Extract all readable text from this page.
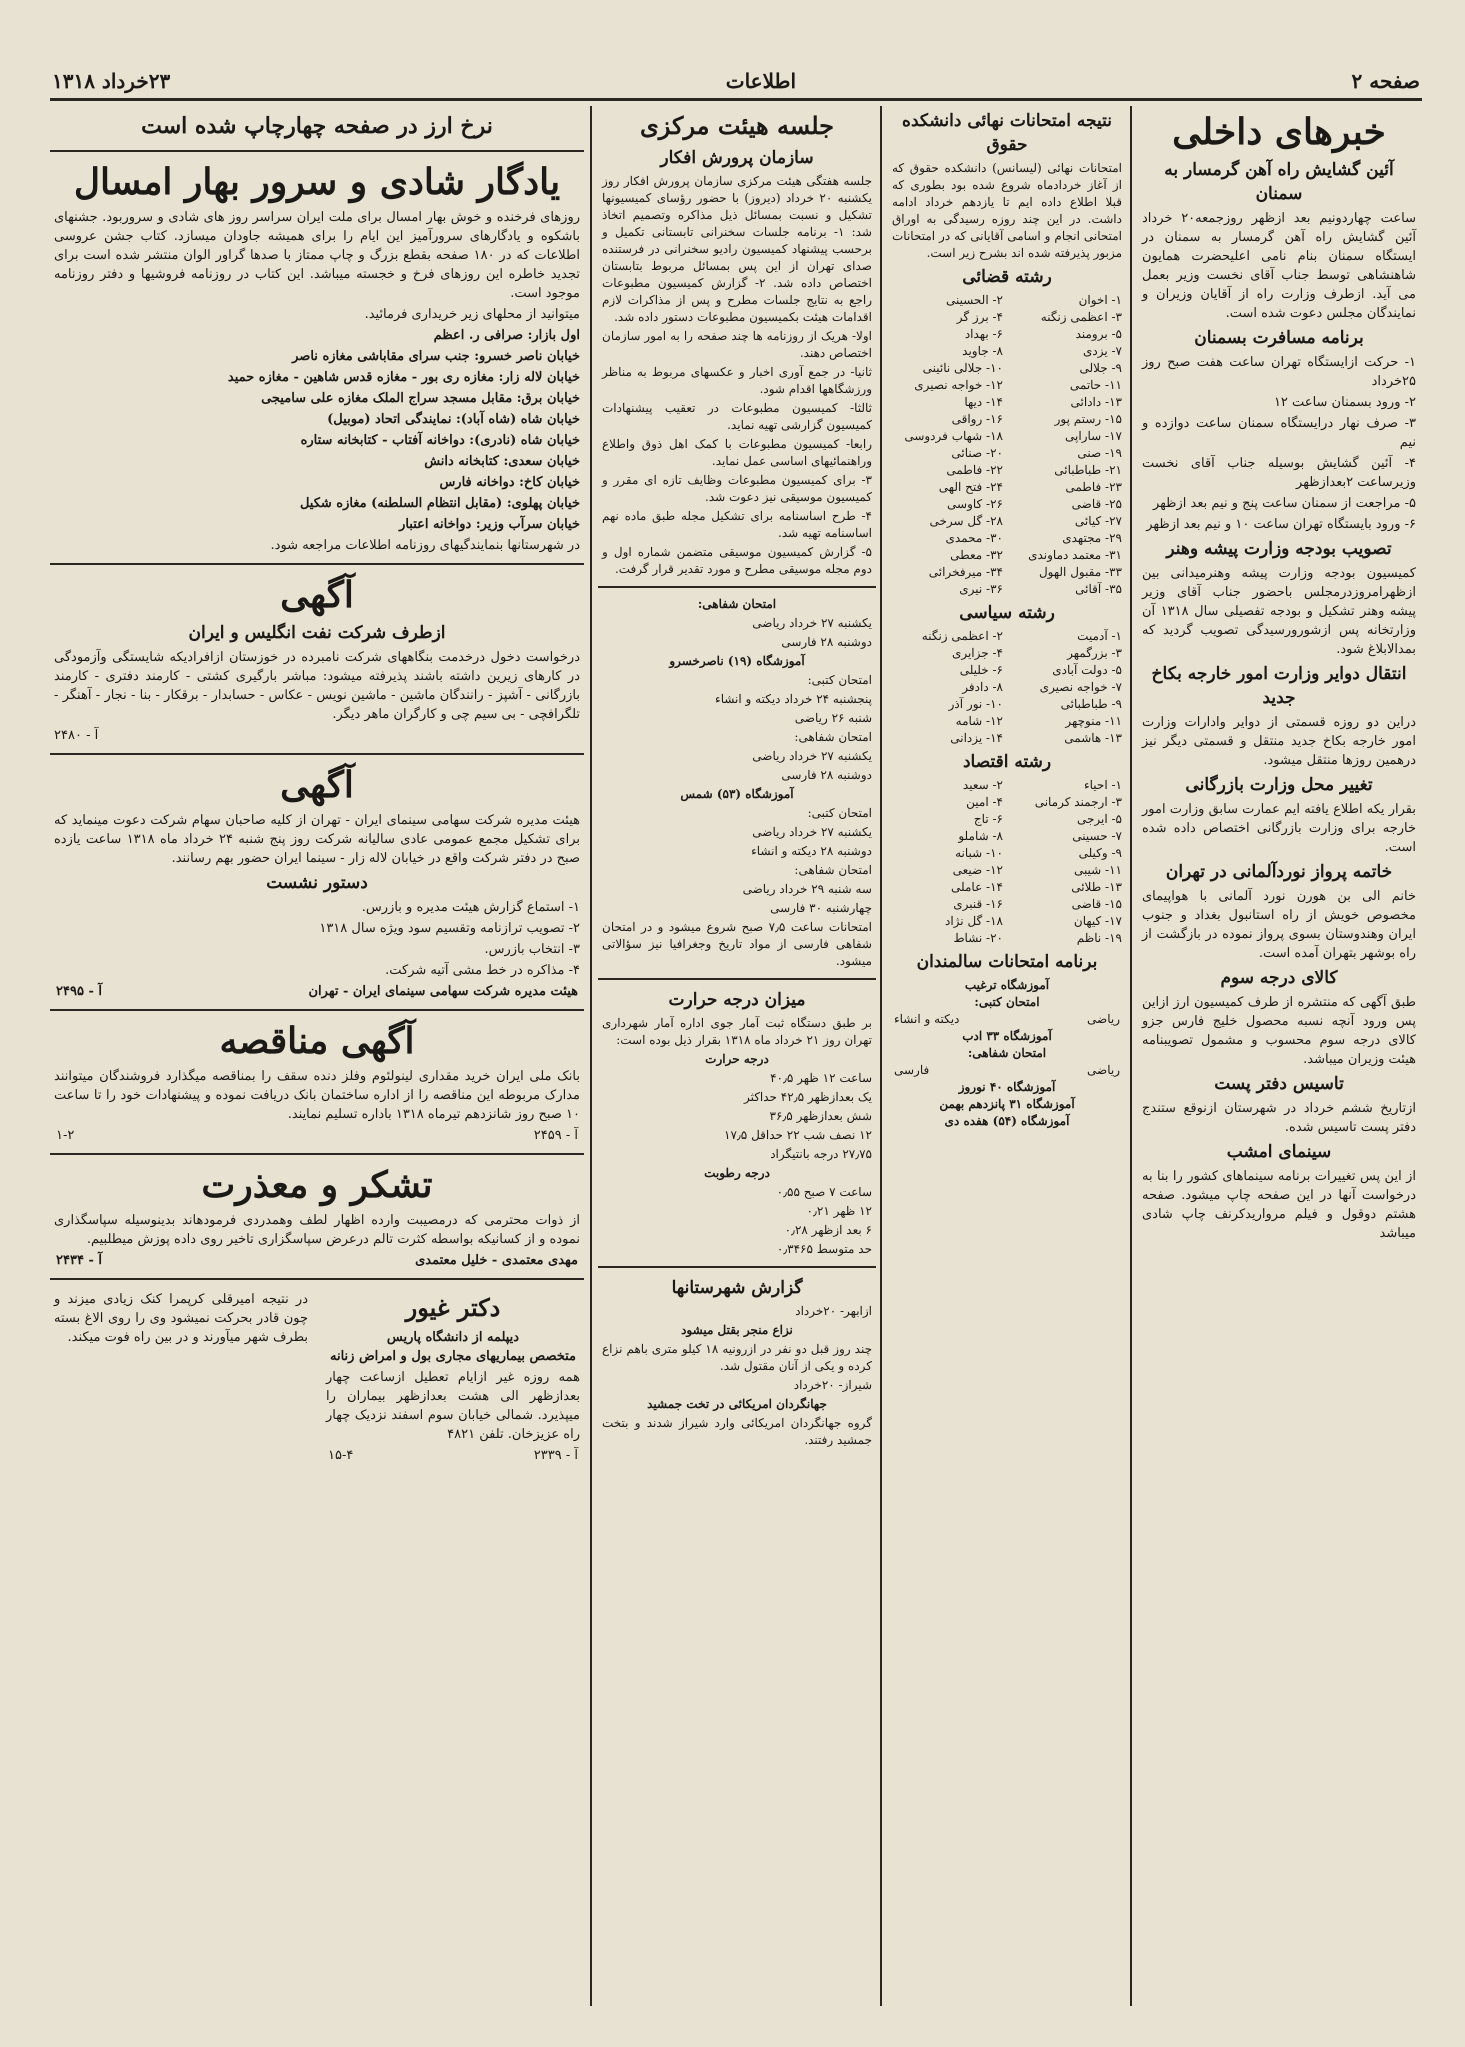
صفحه ۲
اطلاعات
۲۳خرداد ۱۳۱۸
خبرهای داخلی
آئین گشایش راه آهن گرمسار به سمنان
ساعت چهاردونیم بعد ازظهر روزجمعه۲۰ خرداد آئین گشایش راه آهن گرمسار به سمنان در ایستگاه سمنان بنام نامی اعلیحضرت همایون شاهنشاهی توسط جناب آقای نخست وزیر بعمل می آید. ازطرف وزارت راه از آقایان وزیران و نمایندگان مجلس دعوت شده است.
برنامه مسافرت بسمنان
۱- حرکت ازایستگاه تهران ساعت هفت صبح روز ۲۵خرداد
۲- ورود بسمنان ساعت ۱۲
۳- صرف نهار درایستگاه سمنان ساعت دوازده و نیم
۴- آئین گشایش بوسیله جناب آقای نخست وزیرساعت ۲بعدازظهر
۵- مراجعت از سمنان ساعت پنج و نیم بعد ازظهر
۶- ورود بایستگاه تهران ساعت ۱۰ و نیم بعد ازظهر
تصویب بودجه وزارت پیشه وهنر
کمیسیون بودجه وزارت پیشه وهنرمیدانی بین ازظهرامروزدرمجلس باحضور جناب آقای وزیر پیشه وهنر تشکیل و بودجه تفصیلی سال ۱۳۱۸ آن وزارتخانه پس ازشورورسیدگی تصویب گردید که بمدالابلاغ شود.
انتقال دوایر وزارت امور خارجه بکاخ جدید
دراین دو روزه قسمتی از دوایر وادارات وزارت امور خارجه بکاخ جدید منتقل و قسمتی دیگر نیز درهمین روزها منتقل میشود.
تغییر محل وزارت بازرگانی
بقرار یکه اطلاع یافته ایم عمارت سابق وزارت امور خارجه برای وزارت بازرگانی اختصاص داده شده است.
خاتمه پرواز نوردآلمانی در تهران
خانم الی بن هورن نورد آلمانی با هواپیمای مخصوص خویش از راه استانبول بغداد و جنوب ایران وهندوستان بسوی پرواز نموده در بازگشت از راه بوشهر بتهران آمده است.
کالای درجه سوم
طبق آگهی که منتشره از طرف کمیسیون ارز ازاین پس ورود آنچه نسبه محصول خلیج فارس جزو کالای درجه سوم محسوب و مشمول تصویبنامه هیئت وزیران میباشد.
تاسیس دفتر پست
ازتاریخ ششم خرداد در شهرستان ازنوقع ستندج دفتر پست تاسیس شده.
سینمای امشب
از این پس تغییرات برنامه سینماهای کشور را بنا به درخواست آنها در این صفحه چاپ میشود. صفحه هشتم دوقول و فیلم مرواریدکرنف چاپ شادی میباشد
نتیجه امتحانات نهائی دانشکده حقوق
امتحانات نهائی (لیسانس) دانشکده حقوق که از آغاز خردادماه شروع شده بود بطوری که قبلا اطلاع داده ایم تا یازدهم خرداد ادامه داشت. در این چند روزه رسیدگی به اوراق امتحانی انجام و اسامی آقایانی که در امتحانات مزبور پذیرفته شده اند بشرح زیر است.
رشته قضائی
۱- اخوان
۲- الحسینی
۳- اعظمی زنگنه
۴- برز گر
۵- برومند
۶- بهداد
۷- یزدی
۸- جاوید
۹- جلالی
۱۰- جلالی نائینی
۱۱- حاتمی
۱۲- خواجه نصیری
۱۳- دادائی
۱۴- دیها
۱۵- رستم پور
۱۶- رواقی
۱۷- ساراپی
۱۸- شهاب فردوسی
۱۹- صنی
۲۰- صنائی
۲۱- طباطبائی
۲۲- فاطمی
۲۳- فاطمی
۲۴- فتح الهی
۲۵- قاضی
۲۶- کاوسی
۲۷- کیائی
۲۸- گل سرخی
۲۹- مجتهدی
۳۰- محمدی
۳۱- معتمد دماوندی
۳۲- معطی
۳۳- مقبول الهول
۳۴- میرفخرائی
۳۵- آقائی
۳۶- نیری
رشته سیاسی
۱- آدمیت
۲- اعظمی زنگنه
۳- بزرگمهر
۴- جزایری
۵- دولت آبادی
۶- خلیلی
۷- خواجه نصیری
۸- دادفر
۹- طباطبائی
۱۰- نور آذر
۱۱- منوچهر
۱۲- شامه
۱۳- هاشمی
۱۴- یزدانی
رشته اقتصاد
۱- احیاء
۲- سعید
۳- ارجمند کرمانی
۴- امین
۵- ایرجی
۶- تاج
۷- حسینی
۸- شاملو
۹- وکیلی
۱۰- شبانه
۱۱- شیبی
۱۲- ضیعی
۱۳- طلائی
۱۴- عاملی
۱۵- قاضی
۱۶- قنبری
۱۷- کیهان
۱۸- گل نژاد
۱۹- ناظم
۲۰- نشاط
برنامه امتحانات سالمندان
آموزشگاه ترغیب
امتحان کتبی:
ریاضی
دیکته و انشاء
آموزشگاه ۳۳ ادب
امتحان شفاهی:
ریاضی
فارسی
آموزشگاه ۴۰ نوروز
آموزشگاه ۳۱ پانزدهم بهمن
آموزشگاه (۵۴) هفده دی
جلسه هیئت مرکزی
سازمان پرورش افکار
جلسه هفتگی هیئت مرکزی سازمان پرورش افکار روز یکشنبه ۲۰ خرداد (دیروز) با حضور رؤسای کمیسیونها تشکیل و نسبت بمسائل ذیل مذاکره وتصمیم اتخاذ شد: ۱- برنامه جلسات سخنرانی تابستانی تکمیل و برحسب پیشنهاد کمیسیون رادیو سخنرانی در فرستنده صدای تهران از این پس بمسائل مربوط بتابستان اختصاص داده شد. ۲- گزارش کمیسیون مطبوعات راجع به نتایج جلسات مطرح و پس از مذاکرات لازم اقدامات هیئت بکمیسیون مطبوعات دستور داده شد.
اولا- هریک از روزنامه ها چند صفحه را به امور سازمان اختصاص دهند.
ثانیا- در جمع آوری اخبار و عکسهای مربوط به مناظر ورزشگاهها اقدام شود.
ثالثا- کمیسیون مطبوعات در تعقیب پیشنهادات کمیسیون گزارشی تهیه نماید.
رابعا- کمیسیون مطبوعات با کمک اهل ذوق واطلاع وراهنمائیهای اساسی عمل نماید.
۳- برای کمیسیون مطبوعات وظایف تازه ای مقرر و کمیسیون موسیقی نیز دعوت شد.
۴- طرح اساسنامه برای تشکیل مجله طبق ماده نهم اساسنامه تهیه شد.
۵- گزارش کمیسیون موسیقی متضمن شماره اول و دوم مجله موسیقی مطرح و مورد تقدیر قرار گرفت.
امتحان شفاهی:
یکشنبه ۲۷ خرداد ریاضی
دوشنبه ۲۸ فارسی
آموزشگاه (۱۹) ناصرخسرو
امتحان کتبی:
پنجشنبه ۲۴ خرداد دیکته و انشاء
شنبه ۲۶ ریاضی
امتحان شفاهی:
یکشنبه ۲۷ خرداد ریاضی
دوشنبه ۲۸ فارسی
آموزشگاه (۵۳) شمس
امتحان کتبی:
یکشنبه ۲۷ خرداد ریاضی
دوشنبه ۲۸ دیکته و انشاء
امتحان شفاهی:
سه شنبه ۲۹ خرداد ریاضی
چهارشنبه ۳۰ فارسی
امتحانات ساعت ۷٫۵ صبح شروع میشود و در امتحان شفاهی فارسی از مواد تاریخ وجغرافیا نیز سؤالاتی میشود.
میزان درجه حرارت
بر طبق دستگاه ثبت آمار جوی اداره آمار شهرداری تهران روز ۲۱ خرداد ماه ۱۳۱۸ بقرار ذیل بوده است:
درجه حرارت
ساعت ۱۲ ظهر ۴۰٫۵
یک بعدازظهر ۴۲٫۵ حداکثر
شش بعدازظهر ۳۶٫۵
۱۲ نصف شب ۲۲ حداقل ۱۷٫۵
۲۷٫۷۵ درجه بانتیگراد
درجه رطوبت
ساعت ۷ صبح ۰٫۵۵
۱۲ ظهر ۰٫۲۱
۶ بعد ازظهر ۰٫۲۸
حد متوسط ۰٫۳۴۶۵
گزارش شهرستانها
ازابهر- ۲۰خرداد
نزاع منجر بقتل میشود
چند روز قبل دو نفر در ازرونیه ۱۸ کیلو متری باهم نزاع کرده و یکی از آنان مقتول شد.
شیراز- ۲۰خرداد
جهانگردان امریکائی در تخت جمشید
گروه جهانگردان امریکائی وارد شیراز شدند و بتخت جمشید رفتند.
نرخ ارز در صفحه چهارچاپ شده است
یادگار شادی و سرور بهار امسال
روزهای فرخنده و خوش بهار امسال برای ملت ایران سراسر روز های شادی و سروربود. جشنهای باشکوه و یادگارهای سرورآمیز این ایام را برای همیشه جاودان میسازد. کتاب جشن عروسی اطلاعات که در ۱۸۰ صفحه بقطع بزرگ و چاپ ممتاز با صدها گراور الوان منتشر شده است برای تجدید خاطره این روزهای فرخ و خجسته میباشد. این کتاب در روزنامه فروشیها و دفتر روزنامه موجود است.
میتوانید از محلهای زیر خریداری فرمائید.
اول بازار: صرافی ر. اعظم
خیابان ناصر خسرو: جنب سرای مقاباشی مغازه ناصر
خیابان لاله زار: مغازه ری بور - مغازه قدس شاهین - مغازه حمید
خیابان برق: مقابل مسجد سراج الملک مغازه علی سامیجی
خیابان شاه (شاه آباد): نمایندگی اتحاد (موبیل)
خیابان شاه (نادری): دواخانه آفتاب - کتابخانه ستاره
خیابان سعدی: کتابخانه دانش
خیابان کاخ: دواخانه فارس
خیابان پهلوی: (مقابل انتظام السلطنه) مغازه شکیل
خیابان سرآب وزیر: دواخانه اعتبار
در شهرستانها بنمایندگیهای روزنامه اطلاعات مراجعه شود.
آگهی
ازطرف شرکت نفت انگلیس و ایران
درخواست دخول درخدمت بنگاههای شرکت نامبرده در خوزستان ازافرادیکه شایستگی وآزمودگی در کارهای زیرین داشته باشند پذیرفته میشود: مباشر بارگیری کشتی - کارمند دفتری - کارمند بازرگانی - آشپز - رانندگان ماشین - ماشین نویس - عکاس - حسابدار - برقکار - بنا - نجار - آهنگر - تلگرافچی - بی سیم چی و کارگران ماهر دیگر.
آ - ۲۴۸۰
آگهی
هیئت مدیره شرکت سهامی سینمای ایران - تهران از کلیه صاحبان سهام شرکت دعوت مینماید که برای تشکیل مجمع عمومی عادی سالیانه شرکت روز پنج شنبه ۲۴ خرداد ماه ۱۳۱۸ ساعت یازده صبح در دفتر شرکت واقع در خیابان لاله زار - سینما ایران حضور بهم رسانند.
دستور نشست
۱- استماع گزارش هیئت مدیره و بازرس.
۲- تصویب ترازنامه وتقسیم سود ویژه سال ۱۳۱۸
۳- انتخاب بازرس.
۴- مذاکره در خط مشی آتیه شرکت.
هیئت مدیره شرکت سهامی سینمای ایران - تهران
آ - ۲۴۹۵
آگهی مناقصه
بانک ملی ایران خرید مقداری لینولئوم وفلز دنده سقف را بمناقصه میگذارد فروشندگان میتوانند مدارک مربوطه این مناقصه را از اداره ساختمان بانک دریافت نموده و پیشنهادات خود را تا ساعت ۱۰ صبح روز شانزدهم تیرماه ۱۳۱۸ باداره تسلیم نمایند.
آ - ۲۴۵۹
۱-۲
تشکر و معذرت
از ذوات محترمی که درمصیبت وارده اظهار لطف وهمدردی فرمودهاند بدینوسیله سپاسگذاری نموده و از کسانیکه بواسطه کثرت تالم درعرض سپاسگزاری تاخیر روی داده پوزش میطلبیم.
مهدی معتمدی - خلیل معتمدی
آ - ۲۴۳۴
دکتر غیور
دیپلمه از دانشگاه پاریس
متخصص بیماریهای مجاری بول و امراض زنانه
همه روزه غیر ازایام تعطیل ازساعت چهار بعدازظهر الی هشت بعدازظهر بیماران را میپذیرد. شمالی خیابان سوم اسفند نزدیک چهار راه عزیزخان. تلفن ۴۸۲۱
آ - ۲۳۳۹
۱۵-۴
در نتیجه امیرقلی کرپمرا کنک زیادی میزند و چون قادر بحرکت نمیشود وی را روی الاغ بسته بطرف شهر میآورند و در بین راه فوت میکند.
